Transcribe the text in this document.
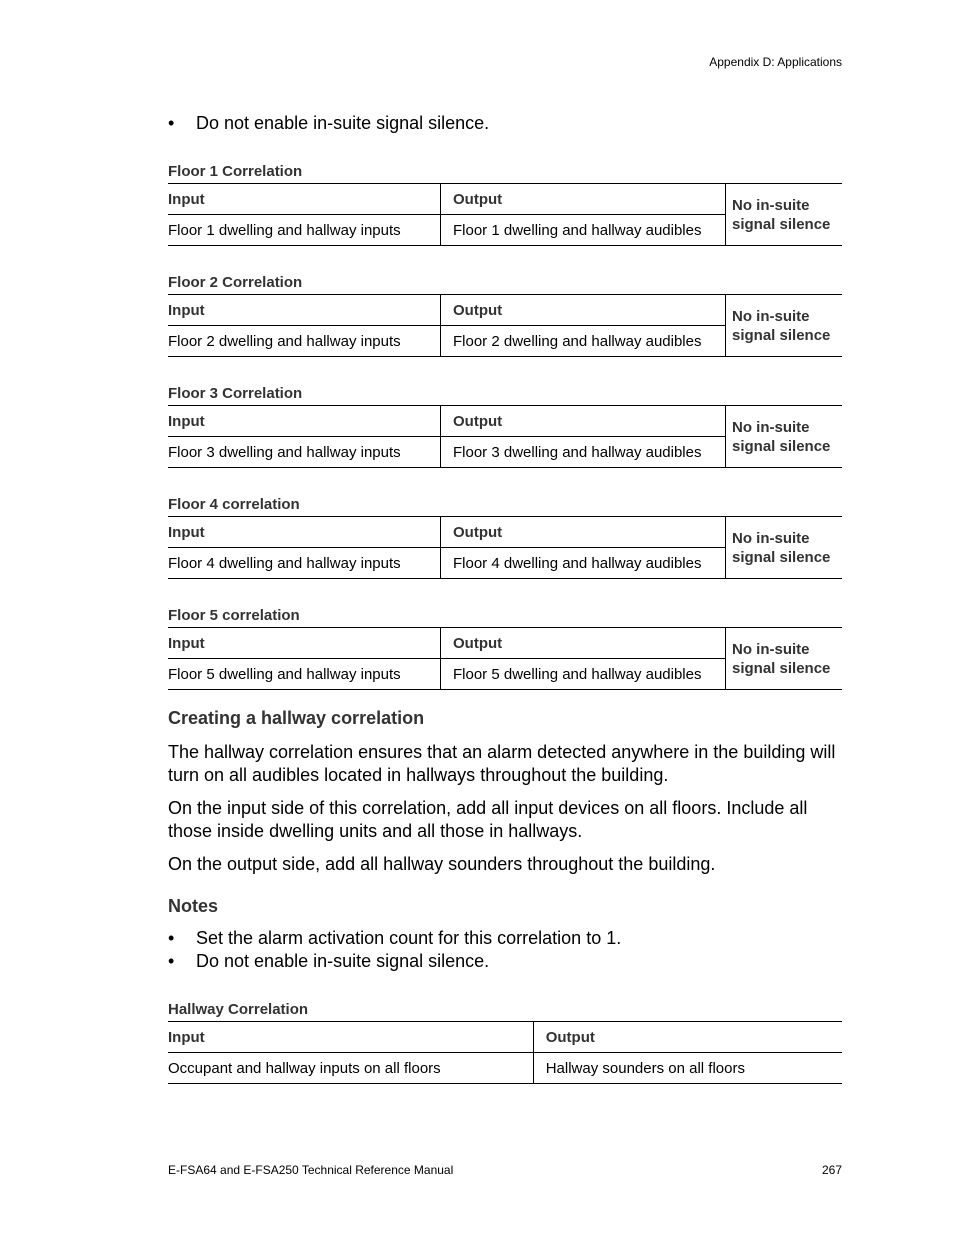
Appendix D: Applications
• Do not enable in-suite signal silence.
Floor 1 Correlation
Input	Output	No in-suite signal silence
Floor 1 dwelling and hallway inputs	Floor 1 dwelling and hallway audibles	
Floor 2 Correlation
Input	Output	No in-suite signal silence
Floor 2 dwelling and hallway inputs	Floor 2 dwelling and hallway audibles	
Floor 3 Correlation
Input	Output	No in-suite signal silence
Floor 3 dwelling and hallway inputs	Floor 3 dwelling and hallway audibles	
Floor 4 correlation
Input	Output	No in-suite signal silence
Floor 4 dwelling and hallway inputs	Floor 4 dwelling and hallway audibles	
Floor 5 correlation
Input	Output	No in-suite signal silence
Floor 5 dwelling and hallway inputs	Floor 5 dwelling and hallway audibles	
Creating a hallway correlation

The hallway correlation ensures that an alarm detected anywhere in the building will turn on all audibles located in hallways throughout the building.

On the input side of this correlation, add all input devices on all floors. Include all those inside dwelling units and all those in hallways.

On the output side, add all hallway sounders throughout the building.

Notes
• Set the alarm activation count for this correlation to 1.
• Do not enable in-suite signal silence.
Hallway Correlation
Input	Output
Occupant and hallway inputs on all floors	Hallway sounders on all floors
E-FSA64 and E-FSA250 Technical Reference Manual	267
